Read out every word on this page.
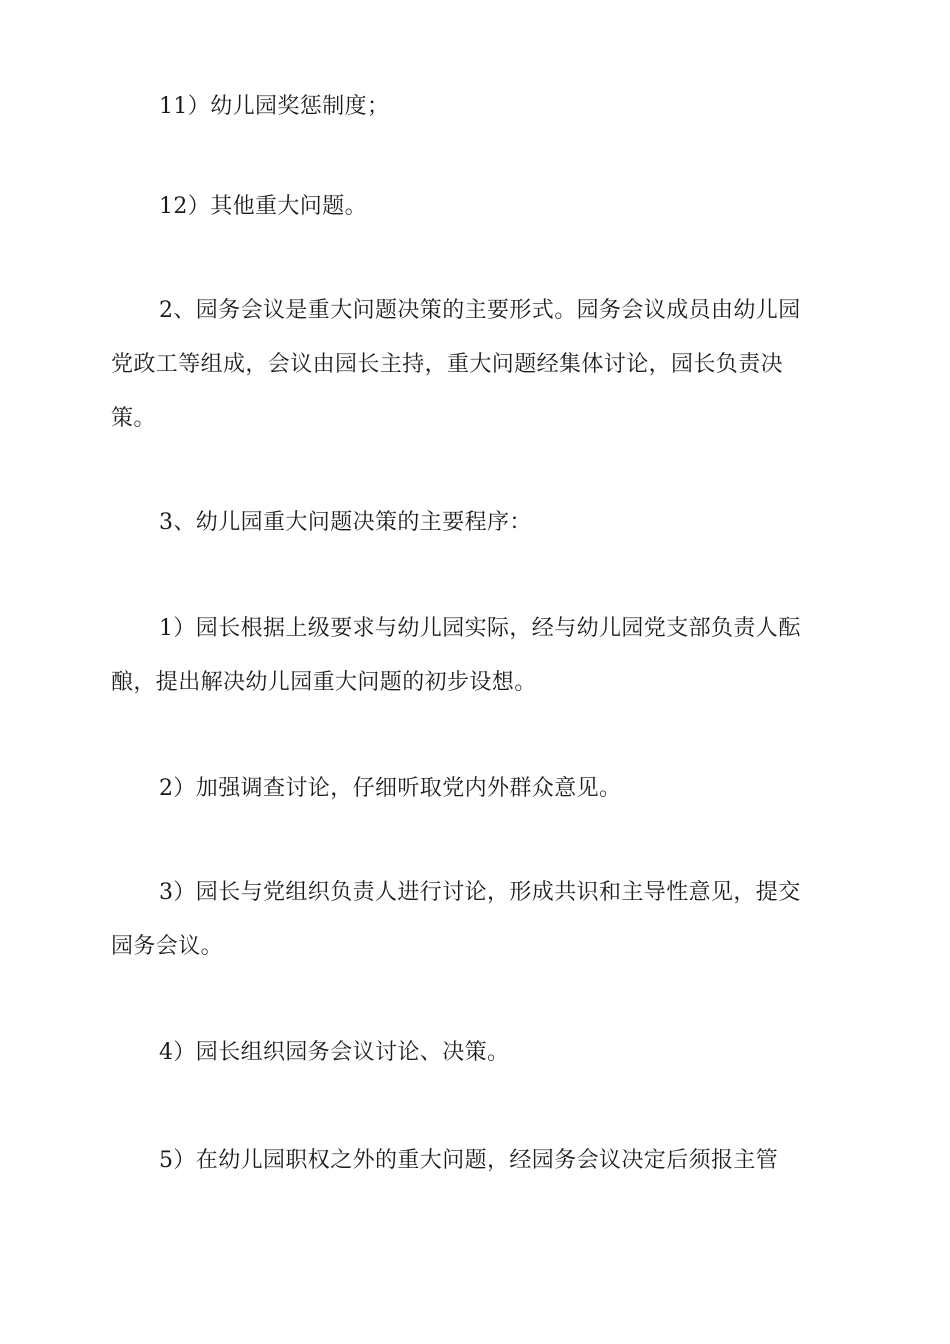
11）幼儿园奖惩制度；

12）其他重大问题。

2、园务会议是重大问题决策的主要形式。园务会议成员由幼儿园党政工等组成，会议由园长主持，重大问题经集体讨论，园长负责决策。

3、幼儿园重大问题决策的主要程序：

1）园长根据上级要求与幼儿园实际，经与幼儿园党支部负责人酝酿，提出解决幼儿园重大问题的初步设想。

2）加强调查讨论，仔细听取党内外群众意见。

3）园长与党组织负责人进行讨论，形成共识和主导性意见，提交园务会议。

4）园长组织园务会议讨论、决策。

5）在幼儿园职权之外的重大问题，经园务会议决定后须报主管
